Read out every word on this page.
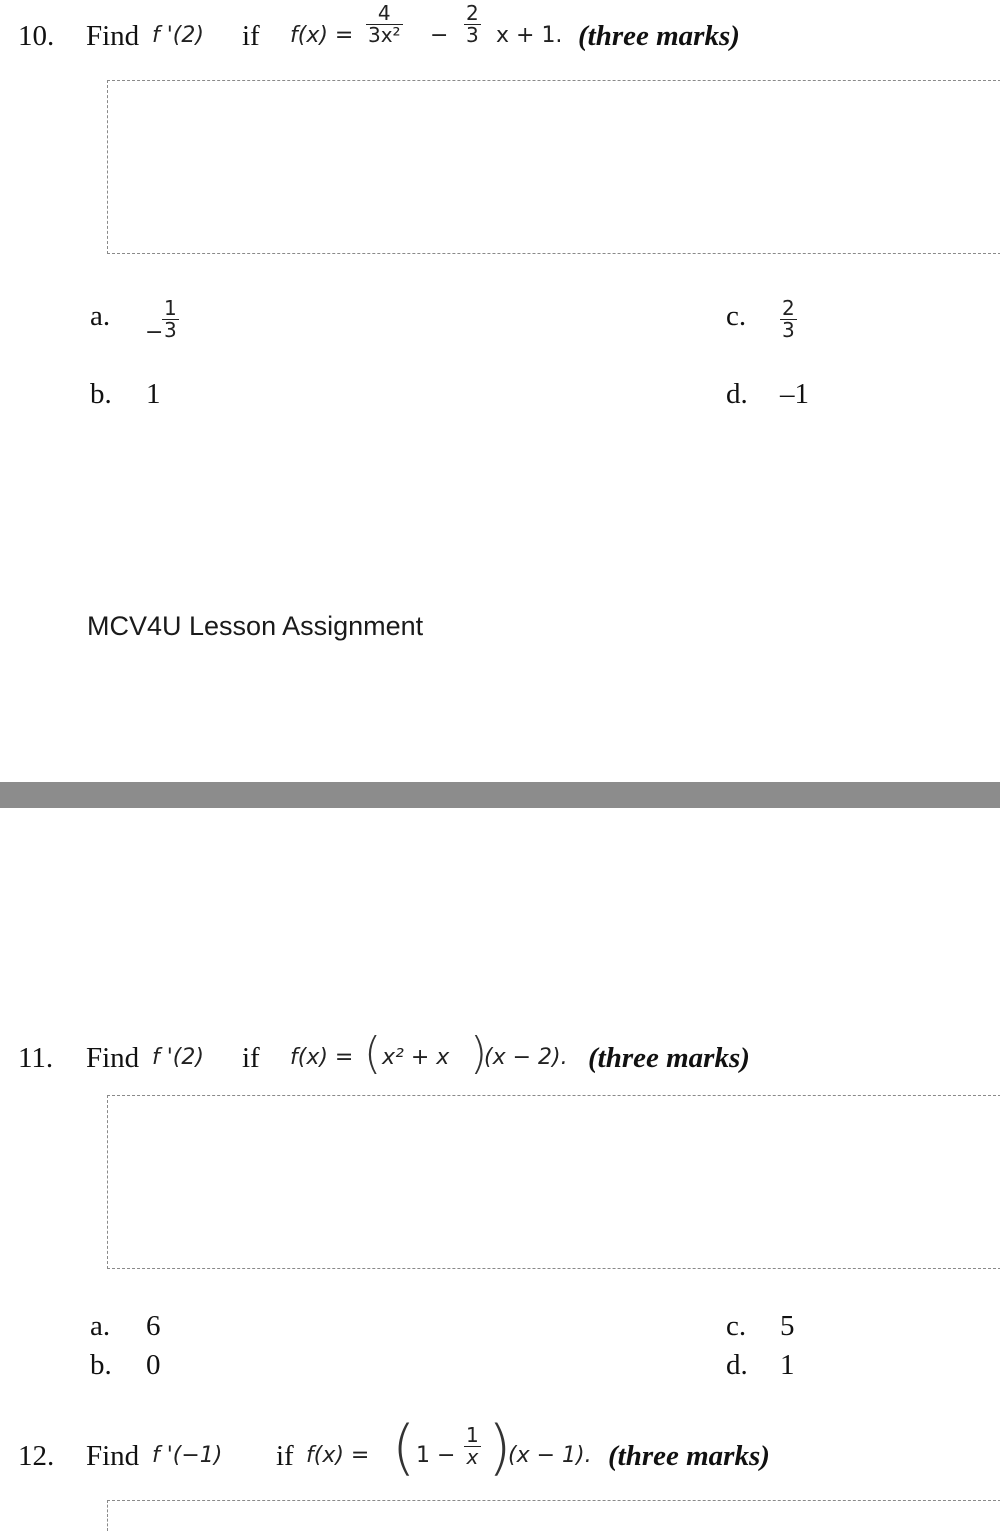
10. Find f '(2) if $f(x) = \frac{4}{\text{3x²}} - \frac{2}{3}$ x + 1. (three marks)
a.
−
$\frac{1}{3}$
b. 1
c. $\frac{2}{3}$
d. –1
MCV4U Lesson Assignment
11. Find f '(2) if f(x) = ( x² + x )
(x − 2). (three marks)
a. 6
b. 0
c. 5
d. 1
12. Find f '(−1) if f(x) = ( $1 - \frac{1}{x}$ )
(x − 1). (three marks)
